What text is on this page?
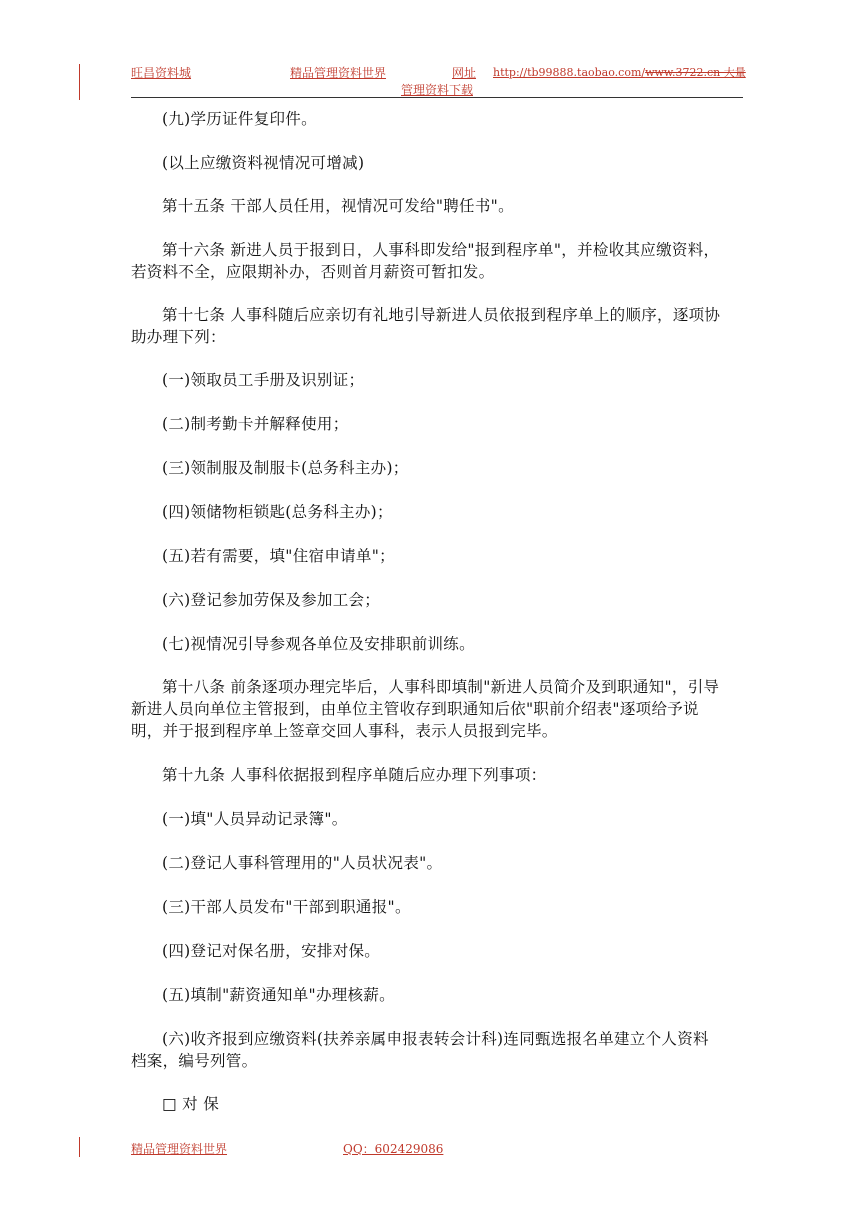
旺昌资料城	精品管理资料世界	网址 http://tb99888.taobao.com/www.3722.cn 大量
管理资料下载
(九)学历证件复印件。
(以上应缴资料视情况可增减)
第十五条 干部人员任用，视情况可发给"聘任书"。
第十六条 新进人员于报到日，人事科即发给"报到程序单"，并检收其应缴资料，若资料不全，应限期补办，否则首月薪资可暂扣发。
第十七条 人事科随后应亲切有礼地引导新进人员依报到程序单上的顺序，逐项协助办理下列：
(一)领取员工手册及识别证；
(二)制考勤卡并解释使用；
(三)领制服及制服卡(总务科主办)；
(四)领储物柜锁匙(总务科主办)；
(五)若有需要，填"住宿申请单"；
(六)登记参加劳保及参加工会；
(七)视情况引导参观各单位及安排职前训练。
第十八条 前条逐项办理完毕后，人事科即填制"新进人员简介及到职通知"，引导新进人员向单位主管报到，由单位主管收存到职通知后依"职前介绍表"逐项给予说明，并于报到程序单上签章交回人事科，表示人员报到完毕。
第十九条 人事科依据报到程序单随后应办理下列事项：
(一)填"人员异动记录簿"。
(二)登记人事科管理用的"人员状况表"。
(三)干部人员发布"干部到职通报"。
(四)登记对保名册，安排对保。
(五)填制"薪资通知单"办理核薪。
(六)收齐报到应缴资料(扶养亲属申报表转会计科)连同甄选报名单建立个人资料档案，编号列管。
□ 对 保
精品管理资料世界	QQ：602429086
